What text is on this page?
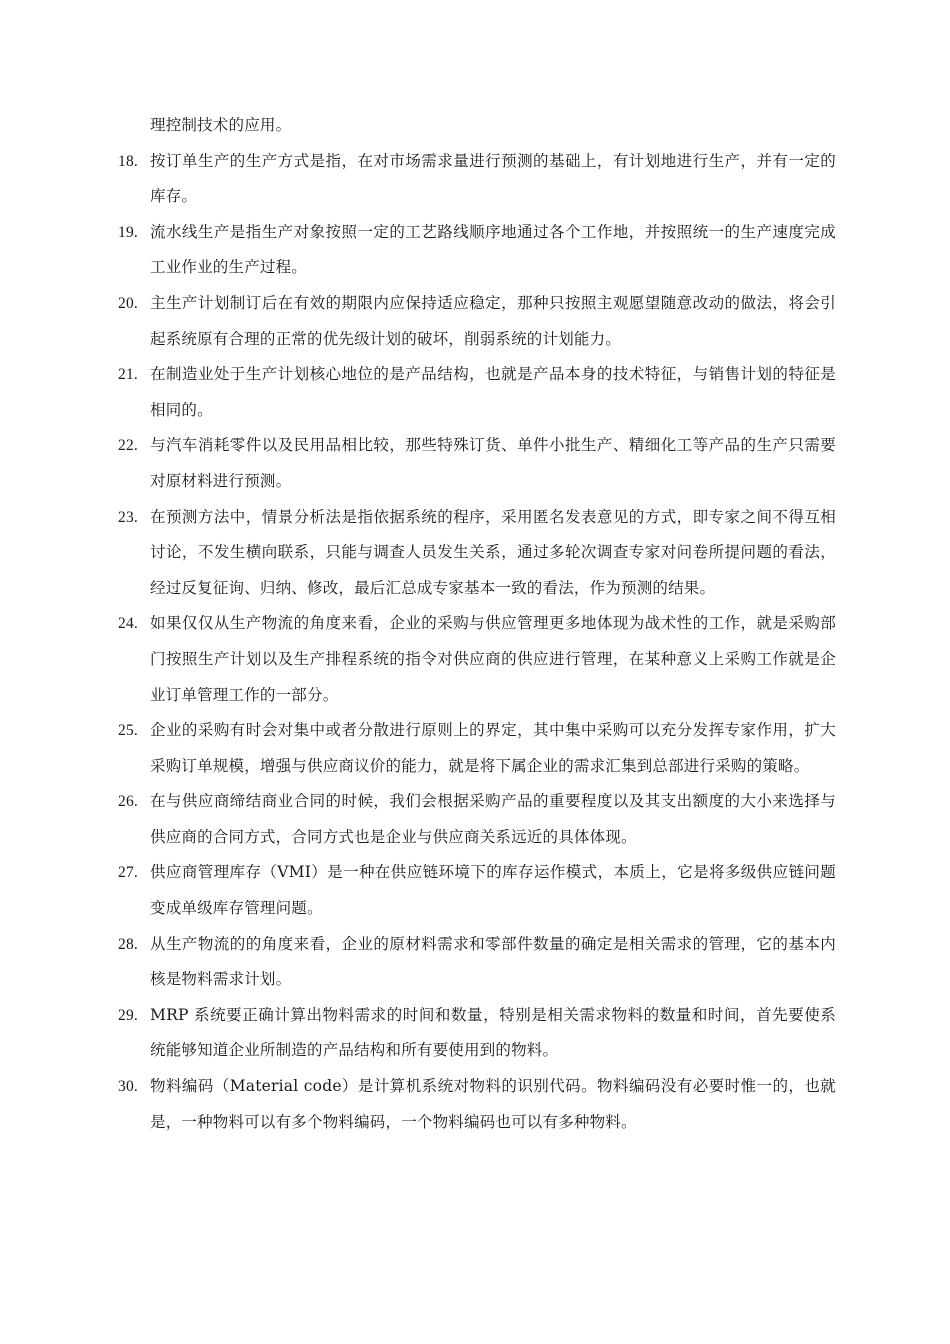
理控制技术的应用。

18. 按订单生产的生产方式是指，在对市场需求量进行预测的基础上，有计划地进行生产，并有一定的库存。

19. 流水线生产是指生产对象按照一定的工艺路线顺序地通过各个工作地，并按照统一的生产速度完成工业作业的生产过程。

20. 主生产计划制订后在有效的期限内应保持适应稳定，那种只按照主观愿望随意改动的做法，将会引起系统原有合理的正常的优先级计划的破坏，削弱系统的计划能力。

21. 在制造业处于生产计划核心地位的是产品结构，也就是产品本身的技术特征，与销售计划的特征是相同的。

22. 与汽车消耗零件以及民用品相比较，那些特殊订货、单件小批生产、精细化工等产品的生产只需要对原材料进行预测。

23. 在预测方法中，情景分析法是指依据系统的程序，采用匿名发表意见的方式，即专家之间不得互相讨论，不发生横向联系，只能与调查人员发生关系，通过多轮次调查专家对问卷所提问题的看法，经过反复征询、归纳、修改，最后汇总成专家基本一致的看法，作为预测的结果。

24. 如果仅仅从生产物流的角度来看，企业的采购与供应管理更多地体现为战术性的工作，就是采购部门按照生产计划以及生产排程系统的指令对供应商的供应进行管理，在某种意义上采购工作就是企业订单管理工作的一部分。

25. 企业的采购有时会对集中或者分散进行原则上的界定，其中集中采购可以充分发挥专家作用，扩大采购订单规模，增强与供应商议价的能力，就是将下属企业的需求汇集到总部进行采购的策略。

26. 在与供应商缔结商业合同的时候，我们会根据采购产品的重要程度以及其支出额度的大小来选择与供应商的合同方式，合同方式也是企业与供应商关系远近的具体体现。

27. 供应商管理库存（VMI）是一种在供应链环境下的库存运作模式，本质上，它是将多级供应链问题变成单级库存管理问题。

28. 从生产物流的的角度来看，企业的原材料需求和零部件数量的确定是相关需求的管理，它的基本内核是物料需求计划。

29. MRP 系统要正确计算出物料需求的时间和数量，特别是相关需求物料的数量和时间，首先要使系统能够知道企业所制造的产品结构和所有要使用到的物料。

30. 物料编码（Material code）是计算机系统对物料的识别代码。物料编码没有必要时惟一的，也就是，一种物料可以有多个物料编码，一个物料编码也可以有多种物料。
